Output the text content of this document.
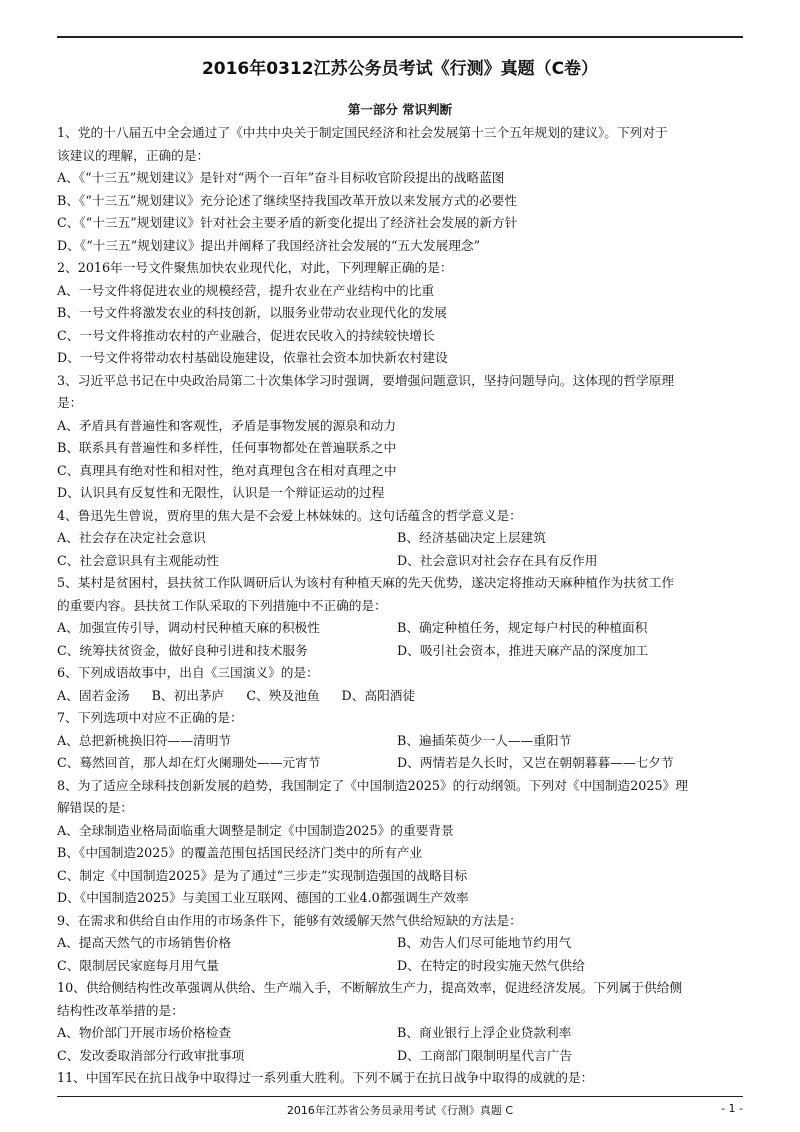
2016年0312江苏公务员考试《行测》真题（C卷）
第一部分 常识判断
1、党的十八届五中全会通过了《中共中央关于制定国民经济和社会发展第十三个五年规划的建议》。下列对于
该建议的理解，正确的是：
A、《“十三五”规划建议》是针对“两个一百年”奋斗目标收官阶段提出的战略蓝图
B、《“十三五”规划建议》充分论述了继续坚持我国改革开放以来发展方式的必要性
C、《“十三五”规划建议》针对社会主要矛盾的新变化提出了经济社会发展的新方针
D、《“十三五”规划建议》提出并阐释了我国经济社会发展的“五大发展理念”
2、2016年一号文件聚焦加快农业现代化，对此，下列理解正确的是：
A、一号文件将促进农业的规模经营，提升农业在产业结构中的比重
B、一号文件将激发农业的科技创新，以服务业带动农业现代化的发展
C、一号文件将推动农村的产业融合，促进农民收入的持续较快增长
D、一号文件将带动农村基础设施建设，依靠社会资本加快新农村建设
3、习近平总书记在中央政治局第二十次集体学习时强调，要增强问题意识，坚持问题导向。这体现的哲学原理
是：
A、矛盾具有普遍性和客观性，矛盾是事物发展的源泉和动力
B、联系具有普遍性和多样性，任何事物都处在普遍联系之中
C、真理具有绝对性和相对性，绝对真理包含在相对真理之中
D、认识具有反复性和无限性，认识是一个辩证运动的过程
4、鲁迅先生曾说，贾府里的焦大是不会爱上林妹妹的。这句话蕴含的哲学意义是：
A、社会存在决定社会意识	B、经济基础决定上层建筑
C、社会意识具有主观能动性	D、社会意识对社会存在具有反作用
5、某村是贫困村，县扶贫工作队调研后认为该村有种植天麻的先天优势，遂决定将推动天麻种植作为扶贫工作
的重要内容。县扶贫工作队采取的下列措施中不正确的是：
A、加强宣传引导，调动村民种植天麻的积极性	B、确定种植任务，规定每户村民的种植面积
C、统筹扶贫资金，做好良种引进和技术服务	D、吸引社会资本，推进天麻产品的深度加工
6、下列成语故事中，出自《三国演义》的是：
A、固若金汤 B、初出茅庐 C、殃及池鱼 D、高阳酒徒
7、下列选项中对应不正确的是：
A、总把新桃换旧符——清明节	B、遍插茱萸少一人——重阳节
C、蓦然回首，那人却在灯火阑珊处——元宵节	D、两情若是久长时，又岂在朝朝暮暮——七夕节
8、为了适应全球科技创新发展的趋势，我国制定了《中国制造2025》的行动纲领。下列对《中国制造2025》理
解错误的是：
A、全球制造业格局面临重大调整是制定《中国制造2025》的重要背景
B、《中国制造2025》的覆盖范围包括国民经济门类中的所有产业
C、制定《中国制造2025》是为了通过“三步走”实现制造强国的战略目标
D、《中国制造2025》与美国工业互联网、德国的工业4.0都强调生产效率
9、在需求和供给自由作用的市场条件下，能够有效缓解天然气供给短缺的方法是：
A、提高天然气的市场销售价格	B、劝告人们尽可能地节约用气
C、限制居民家庭每月用气量	D、在特定的时段实施天然气供给
10、供给侧结构性改革强调从供给、生产端入手，不断解放生产力，提高效率，促进经济发展。下列属于供给侧
结构性改革举措的是：
A、物价部门开展市场价格检查	B、商业银行上浮企业贷款利率
C、发改委取消部分行政审批事项	D、工商部门限制明星代言广告
11、中国军民在抗日战争中取得过一系列重大胜利。下列不属于在抗日战争中取得的成就的是：
2016年江苏省公务员录用考试《行测》真题 C	- 1 -
